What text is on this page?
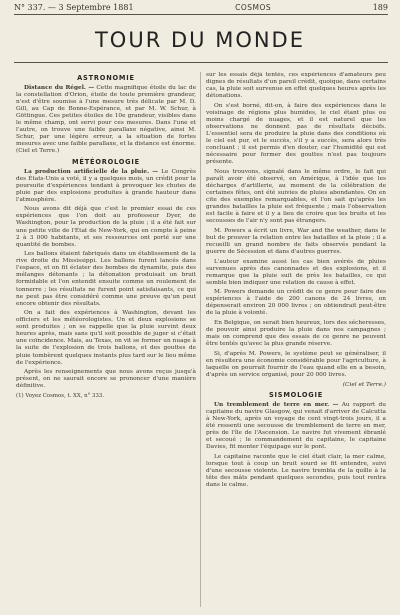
N° 337. — 3 Septembre 1881	COSMOS	189
TOUR DU MONDE
ASTRONOMIE

Distance du Régel. — Cette magnifique étoile du lac de la constellation d'Orion, étoile de toute première grandeur, n'est d'être soumise à l'une mesure très délicate par M. D. Gill, au Cap de Bonne-Espérance, et par M. W. Schur, à Göttingue. Ces petites étoiles de 10e grandeur, visibles dans le même champ, ont servi pour ces mesures. Dans l'une et l'autre, on trouve une faible parallaxe négative, ainsi M. Schur, par une légère erreur, a la situation de fortes mesures avec une faible parallaxe, et la distance est énorme. (Ciel et Terre.)

MÉTÉOROLOGIE

La production artificielle de la pluie. — Le Congrès des États-Unis a voté, il y a quelques mois, un crédit pour la poursuite d'expériences tendant à provoquer les chutes de pluie par des explosions produites à grande hauteur dans l'atmosphère.

Nous avons dit déjà que c'est le premier essai de ces expériences que l'on doit au professeur Dyer, de Washington, pour la production de la pluie ; il a été fait sur une petite ville de l'État de New-York, qui en compte à peine 2 à 3 000 habitants, et ses ressources ont porté sur une quantité de bombes.

Les ballons étaient fabriqués dans un établissement de la rive droite du Mississippi. Les ballons furent lancés dans l'espace, et on fit éclater des bombes de dynamite, puis des mélanges détonants ; la détonation produisait un bruit formidable et l'on entendit ensuite comme un roulement de tonnerre ; les résultats ne furent point satisfaisants, ce qui ne peut pas être considéré comme une preuve qu'un peut encore obtenir des résultats.

On a fait des expériences à Washington, devant les officiers et les météorologistes. Un et deux explosions se sont produites ; on se rappelle que la pluie survint deux heures après, mais sans qu'il soit possible de juger si c'était une coïncidence. Mais, au Texas, on vit se former un nuage à la suite de l'explosion de trois ballons, et des gouttes de pluie tombèrent quelques instants plus tard sur le lieu même de l'expérience.

Après les renseignements que nous avons reçus jusqu'à présent, on ne saurait encore se prononcer d'une manière définitive.

(1) Voyez Cosmos, t. XX, n° 333.

sur les essais déjà tentés, ces expériences d'amateurs peu dignes de résultats d'un pareil crédit, quoique, dans certains cas, la pluie soit survenue en effet quelques heures après les détonations.

On s'est borné, dit-on, à faire des expériences dans le voisinage de régions plus humides, le ciel étant plus ou moins chargé de nuages, et il est naturel que les observations ne donnent pas de résultats décisifs. L'essentiel sera de produire la pluie dans des conditions où le ciel est pur, et le succès, s'il y a succès, sera alors très concluant ; il est permis d'en douter, car l'humidité qui est nécessaire pour former des gouttes n'est pas toujours présente.

Nous trouvons, signalé dans le même ordre, le fait qui paraît avoir été observé, en Amérique, à l'idée que les décharges d'artillerie, au moment de la célébration de certaines fêtes, ont été suivies de pluies abondantes. On en cite des exemples remarquables, et l'on sait qu'après les grandes batailles la pluie est fréquente ; mais l'observation est facile à faire et il y a lieu de croire que les bruits et les secousses de l'air n'y sont pas étrangers.

M. Powers a écrit un livre, War and the weather, dans le but de prouver la relation entre les batailles et la pluie ; il a recueilli un grand nombre de faits observés pendant la guerre de Sécession et dans d'autres guerres.

L'auteur examine aussi les cas bien avérés de pluies survenues après des canonnades et des explosions, et il remarque que la pluie suit de près les batailles, ce qui semble bien indiquer une relation de cause à effet.

M. Powers demande un crédit de ce genre pour faire des expériences à l'aide de 200 canons de 24 livres, on dépenserait environ 20 000 livres ; on obtiendrait peut-être de la pluie à volonté.

En Belgique, on serait bien heureux, lors des sécheresses, de pouvoir ainsi produire la pluie dans nos campagnes ; mais on comprend que des essais de ce genre ne peuvent être tentés qu'avec la plus grande réserve.

Si, d'après M. Powers, le système peut se généraliser, il en résultera une économie considérable pour l'agriculture, à laquelle on pourrait fournir de l'eau quand elle en a besoin, d'après un service organisé, pour 20 000 livres.

(Ciel et Terre.)

SISMOLOGIE

Un tremblement de terre en mer. — Au rapport du capitaine du navire Glasgow, qui venait d'arriver de Calcutta à New-York, après un voyage de cent vingt-trois jours, il a été ressenti une secousse de tremblement de terre en mer, près de l'île de l'Ascension. Le navire fut vivement ébranlé et secoué ; le commandement du capitaine, le capitaine Davies, fit monter l'équipage sur le pont.

Le capitaine raconte que le ciel était clair, la mer calme, lorsque tout à coup un bruit sourd se fit entendre, suivi d'une secousse violente. Le navire trembla de la quille à la tête des mâts pendant quelques secondes, puis tout rentra dans le calme.
